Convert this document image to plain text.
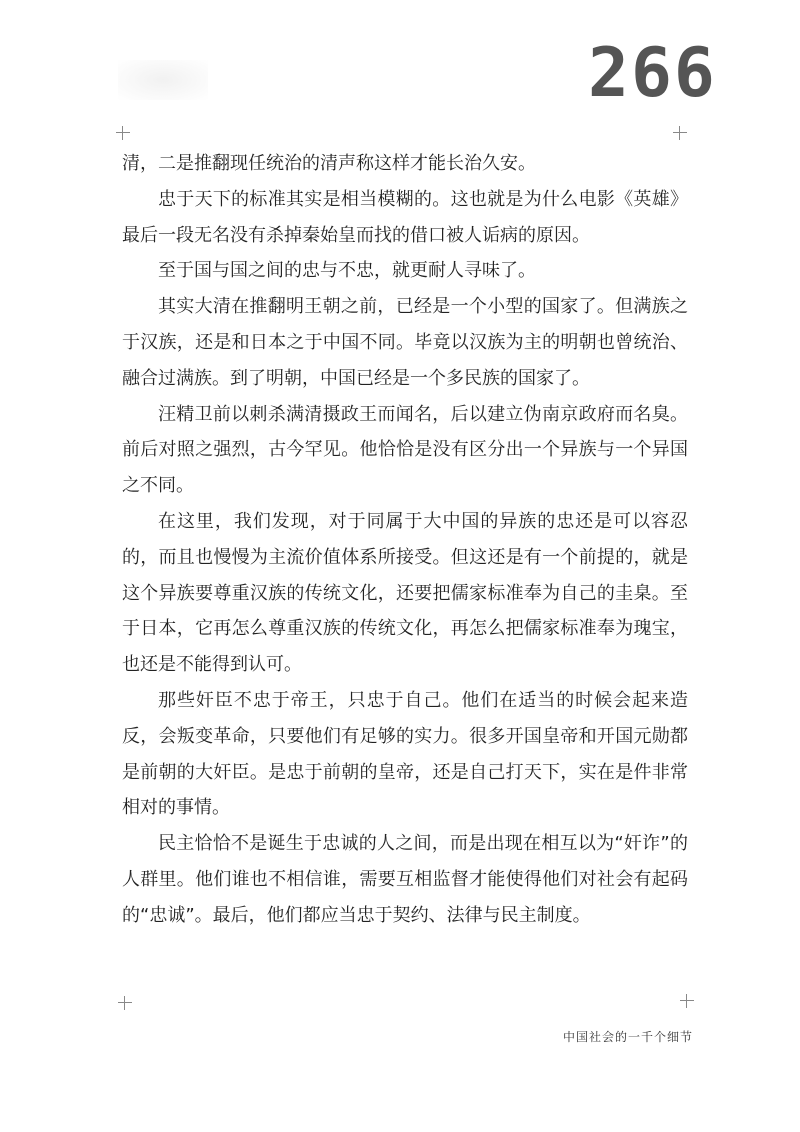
266

清，二是推翻现任统治的清声称这样才能长治久安。

忠于天下的标准其实是相当模糊的。这也就是为什么电影《英雄》最后一段无名没有杀掉秦始皇而找的借口被人诟病的原因。

至于国与国之间的忠与不忠，就更耐人寻味了。

其实大清在推翻明王朝之前，已经是一个小型的国家了。但满族之于汉族，还是和日本之于中国不同。毕竟以汉族为主的明朝也曾统治、融合过满族。到了明朝，中国已经是一个多民族的国家了。

汪精卫前以刺杀满清摄政王而闻名，后以建立伪南京政府而名臭。前后对照之强烈，古今罕见。他恰恰是没有区分出一个异族与一个异国之不同。

在这里，我们发现，对于同属于大中国的异族的忠还是可以容忍的，而且也慢慢为主流价值体系所接受。但这还是有一个前提的，就是这个异族要尊重汉族的传统文化，还要把儒家标准奉为自己的圭臬。至于日本，它再怎么尊重汉族的传统文化，再怎么把儒家标准奉为瑰宝，也还是不能得到认可。

那些奸臣不忠于帝王，只忠于自己。他们在适当的时候会起来造反，会叛变革命，只要他们有足够的实力。很多开国皇帝和开国元勋都是前朝的大奸臣。是忠于前朝的皇帝，还是自己打天下，实在是件非常相对的事情。

民主恰恰不是诞生于忠诚的人之间，而是出现在相互以为“奸诈”的人群里。他们谁也不相信谁，需要互相监督才能使得他们对社会有起码的“忠诚”。最后，他们都应当忠于契约、法律与民主制度。

中国社会的一千个细节
